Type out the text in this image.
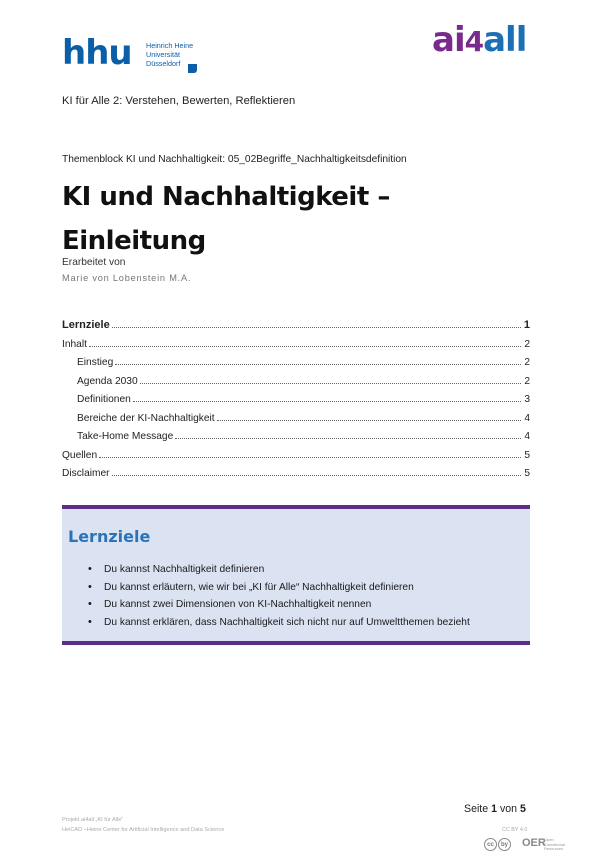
hhu Heinrich Heine
Universität
Düsseldorf
ai4all
KI für Alle 2: Verstehen, Bewerten, Reflektieren
Themenblock KI und Nachhaltigkeit: 05_02Begriffe_Nachhaltigkeitsdefinition
KI und Nachhaltigkeit –
Einleitung
Erarbeitet von
Marie von Lobenstein M.A.
Lernziele	1
Inhalt	2
Einstieg	2
Agenda 2030	2
Definitionen	3
Bereiche der KI-Nachhaltigkeit	4
Take-Home Message	4
Quellen	5
Disclaimer	5
Lernziele
• Du kannst Nachhaltigkeit definieren
• Du kannst erläutern, wie wir bei „KI für Alle“ Nachhaltigkeit definieren
• Du kannst zwei Dimensionen von KI-Nachhaltigkeit nennen
• Du kannst erklären, dass Nachhaltigkeit sich nicht nur auf Umweltthemen bezieht
Seite 1 von 5
Projekt ai4all „KI für Alle“
HeiCAD –Heine Center for Artificial Intelligence and Data Science	CC BY 4.0
cc	by OER
Open
Educational
Resources
